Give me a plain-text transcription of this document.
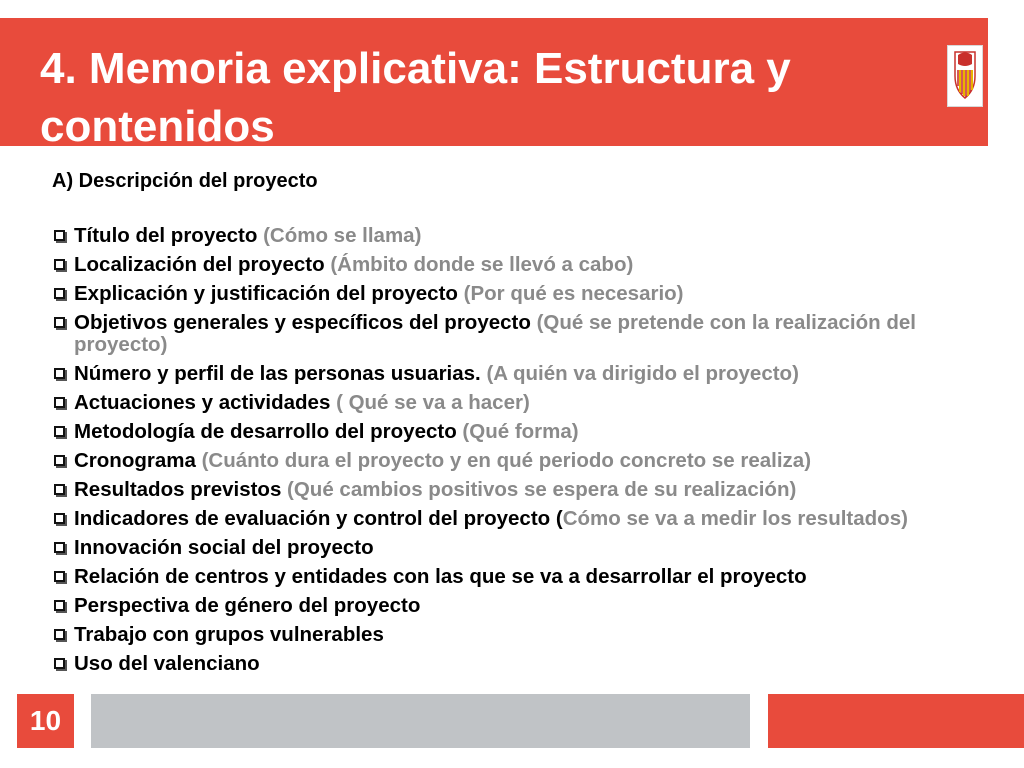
4. Memoria explicativa: Estructura y contenidos
A) Descripción del proyecto
Título del proyecto (Cómo se llama)
Localización del proyecto (Ámbito donde se llevó a cabo)
Explicación y justificación del proyecto (Por qué es necesario)
Objetivos generales y específicos del proyecto (Qué se pretende con la realización del proyecto)
Número y perfil de las personas usuarias. (A quién va dirigido el proyecto)
Actuaciones y actividades ( Qué se va a hacer)
Metodología de desarrollo del proyecto (Qué forma)
Cronograma (Cuánto dura el proyecto y en qué periodo concreto se realiza)
Resultados previstos (Qué cambios positivos se espera de su realización)
Indicadores de evaluación y control del proyecto (Cómo se va a medir los resultados)
Innovación social del proyecto
Relación de centros y entidades con las que se va a desarrollar el proyecto
Perspectiva de género del proyecto
Trabajo con grupos vulnerables
Uso del valenciano
10
